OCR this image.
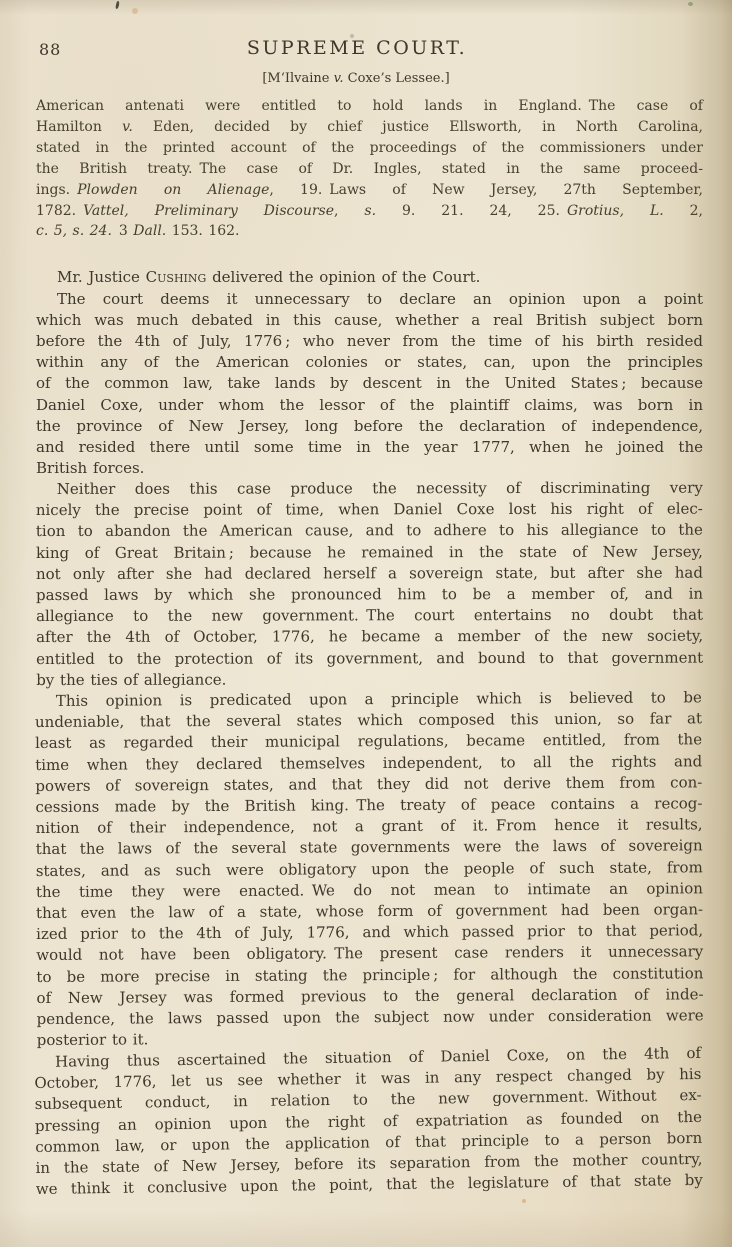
88	SUPREME COURT.
[M‘Ilvaine v. Coxe’s Lessee.]
American antenati were entitled to hold lands in England. The case of
Hamilton v. Eden, decided by chief justice Ellsworth, in North Carolina,
stated in the printed account of the proceedings of the commissioners under
the British treaty. The case of Dr. Ingles, stated in the same proceed-
ings. Plowden on Alienage, 19. Laws of New Jersey, 27th September,
1782. Vattel, Preliminary Discourse, s. 9. 21. 24, 25. Grotius, L. 2,
c. 5, s. 24. 3 Dall. 153. 162.
Mr. Justice Cushing delivered the opinion of the Court.
The court deems it unnecessary to declare an opinion upon a point
which was much debated in this cause, whether a real British subject born
before the 4th of July, 1776 ; who never from the time of his birth resided
within any of the American colonies or states, can, upon the principles
of the common law, take lands by descent in the United States ; because
Daniel Coxe, under whom the lessor of the plaintiff claims, was born in
the province of New Jersey, long before the declaration of independence,
and resided there until some time in the year 1777, when he joined the
British forces.
Neither does this case produce the necessity of discriminating very
nicely the precise point of time, when Daniel Coxe lost his right of elec-
tion to abandon the American cause, and to adhere to his allegiance to the
king of Great Britain ; because he remained in the state of New Jersey,
not only after she had declared herself a sovereign state, but after she had
passed laws by which she pronounced him to be a member of, and in
allegiance to the new government. The court entertains no doubt that
after the 4th of October, 1776, he became a member of the new society,
entitled to the protection of its government, and bound to that government
by the ties of allegiance.
This opinion is predicated upon a principle which is believed to be
undeniable, that the several states which composed this union, so far at
least as regarded their municipal regulations, became entitled, from the
time when they declared themselves independent, to all the rights and
powers of sovereign states, and that they did not derive them from con-
cessions made by the British king. The treaty of peace contains a recog-
nition of their independence, not a grant of it. From hence it results,
that the laws of the several state governments were the laws of sovereign
states, and as such were obligatory upon the people of such state, from
the time they were enacted. We do not mean to intimate an opinion
that even the law of a state, whose form of government had been organ-
ized prior to the 4th of July, 1776, and which passed prior to that period,
would not have been obligatory. The present case renders it unnecessary
to be more precise in stating the principle ; for although the constitution
of New Jersey was formed previous to the general declaration of inde-
pendence, the laws passed upon the subject now under consideration were
posterior to it.
Having thus ascertained the situation of Daniel Coxe, on the 4th of
October, 1776, let us see whether it was in any respect changed by his
subsequent conduct, in relation to the new government. Without ex-
pressing an opinion upon the right of expatriation as founded on the
common law, or upon the application of that principle to a person born
in the state of New Jersey, before its separation from the mother country,
we think it conclusive upon the point, that the legislature of that state by
